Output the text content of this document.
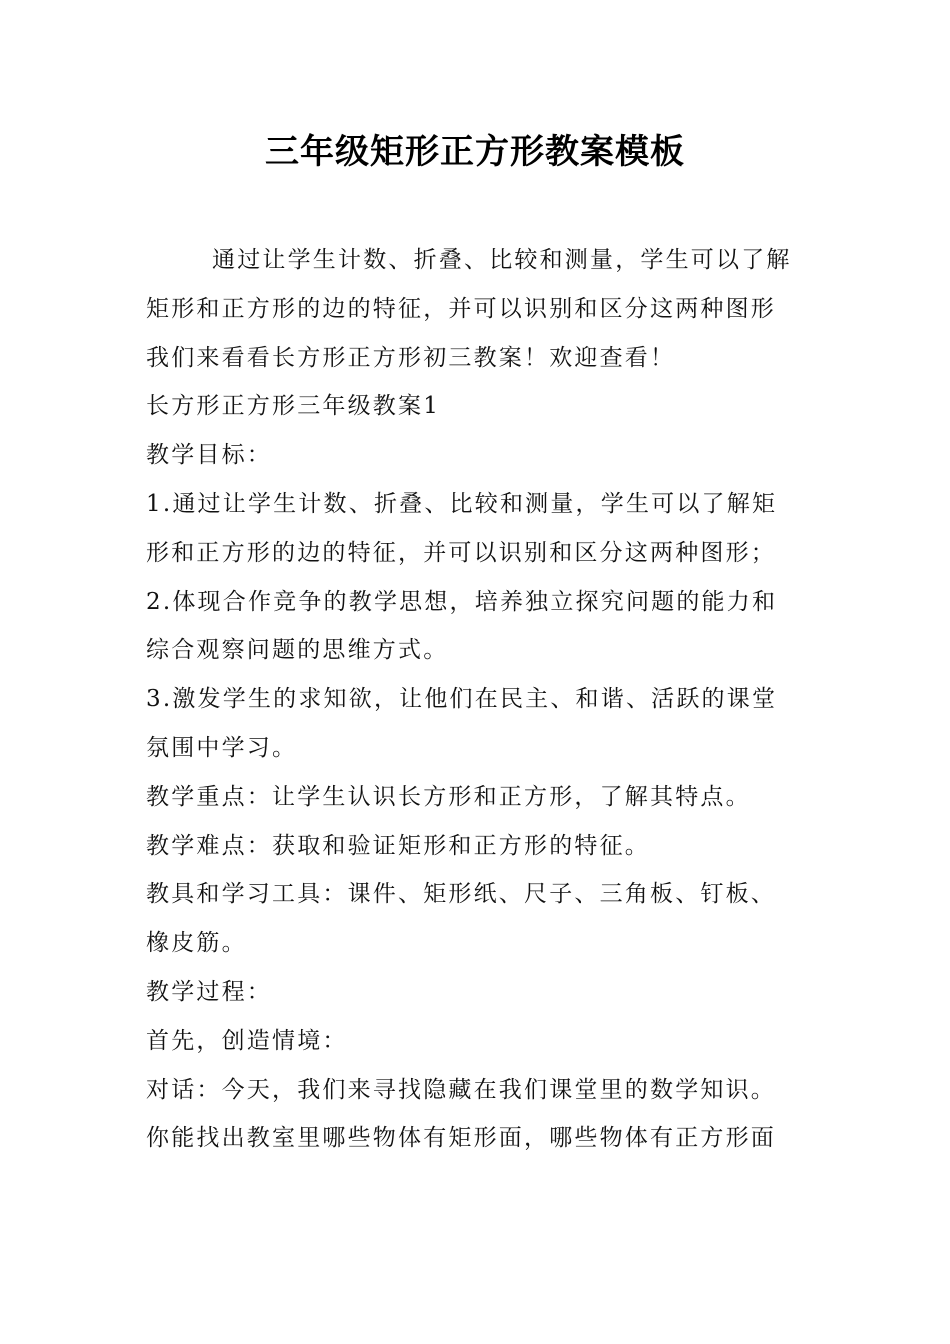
三年级矩形正方形教案模板
通过让学生计数、折叠、比较和测量，学生可以了解
矩形和正方形的边的特征，并可以识别和区分这两种图形
我们来看看长方形正方形初三教案！欢迎查看！
长方形正方形三年级教案1
教学目标：
1.通过让学生计数、折叠、比较和测量，学生可以了解矩
形和正方形的边的特征，并可以识别和区分这两种图形；
2.体现合作竞争的教学思想，培养独立探究问题的能力和
综合观察问题的思维方式。
3.激发学生的求知欲，让他们在民主、和谐、活跃的课堂
氛围中学习。
教学重点：让学生认识长方形和正方形，了解其特点。
教学难点：获取和验证矩形和正方形的特征。
教具和学习工具：课件、矩形纸、尺子、三角板、钉板、
橡皮筋。
教学过程：
首先，创造情境：
对话：今天，我们来寻找隐藏在我们课堂里的数学知识。
你能找出教室里哪些物体有矩形面，哪些物体有正方形面
